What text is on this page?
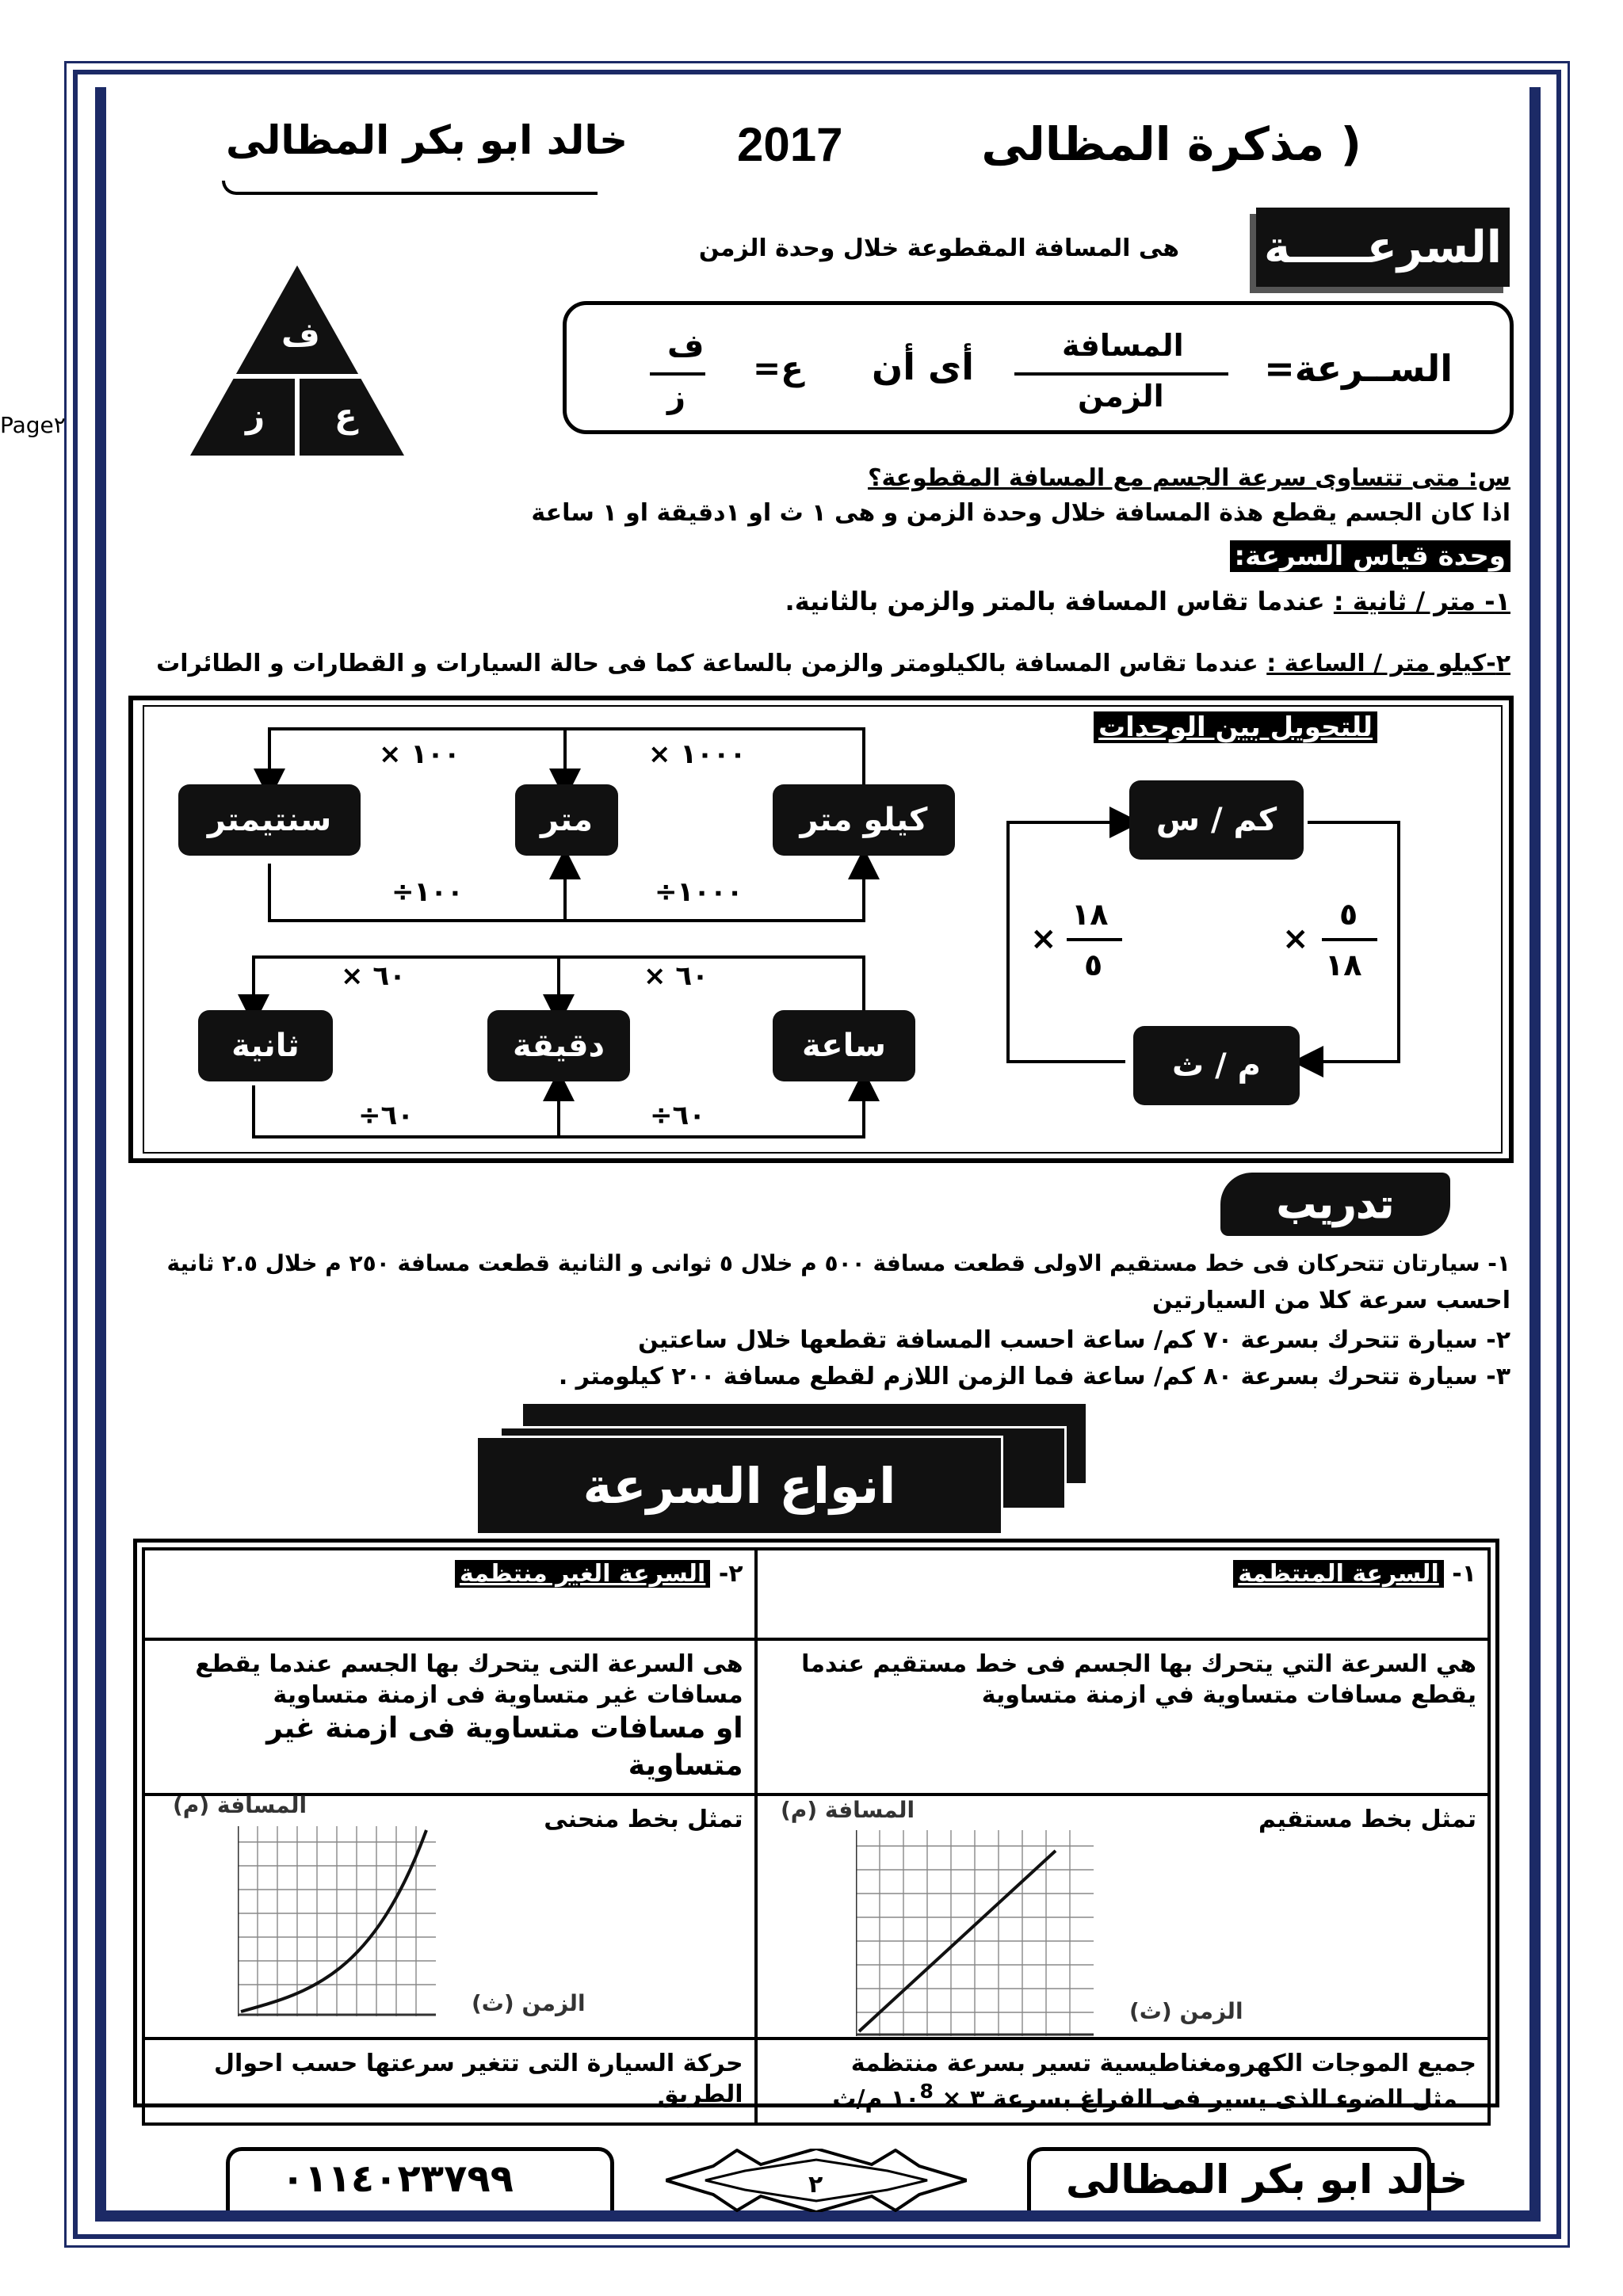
Page٢
( مذكرة المظالى
2017
خالد ابو بكر المظالى
السرعـــــة
هى المسافة المقطوعة خلال وحدة الزمن
ف
ع
ز
الســرعة=
المسافة
الزمن
أى أن
ع=
ف
ز
س: متى تتساوى سرعة الجسم مع المسافة المقطوعة؟
اذا كان الجسم يقطع هذة المسافة خلال وحدة الزمن و هى ١ ث او ١دقيقة او ١ ساعة
وحدة قياس السرعة:
١- متر / ثانية : عندما تقاس المسافة بالمتر والزمن بالثانية.
٢-كيلو متر / الساعة : عندما تقاس المسافة بالكيلومتر والزمن بالساعة كما فى حالة السيارات و القطارات و الطائرات
للتحويل بين الوحدات
كيلو متر
متر
سنتيمتر
× ١٠٠٠
× ١٠٠
÷١٠٠٠
÷١٠٠
ساعة
دقيقة
ثانية
× ٦٠
× ٦٠
÷٦٠
÷٦٠
كم / س
م / ث
×
٥
١٨
×
١٨
٥
تدريب
١- سيارتان تتحركان فى خط مستقيم الاولى قطعت مسافة ٥٠٠ م خلال ٥ ثوانى و الثانية قطعت مسافة ٢٥٠ م خلال ٢.٥ ثانية
احسب سرعة كلا من السيارتين
٢- سيارة تتحرك بسرعة ٧٠ كم/ ساعة احسب المسافة تقطعها خلال ساعتين
٣- سيارة تتحرك بسرعة ٨٠ كم/ ساعة فما الزمن اللازم لقطع مسافة ٢٠٠ كيلومتر .
انواع السرعة
١- السرعة المنتظمة	٢- السرعة الغير منتظمة
هي السرعة التي يتحرك بها الجسم فى خط مستقيم عندما يقطع مسافات متساوية في ازمنة متساوية	هى السرعة التى يتحرك بها الجسم عندما يقطع مسافات غير متساوية فى ازمنة متساوية
او مسافات متساوية فى ازمنة غير متساوية

تمثل بخط مستقيم	تمثل بخط منحنى

جميع الموجات الكهرومغناطيسية تسير بسرعة منتظمة
مثل الضوء الذى يسير فى الفراغ بسرعة ٣ × $١٠^8$ م/ث	حركة السيارة التى تتغير سرعتها حسب احوال الطريق
المسافة (م)
الزمن (ث)
المسافة (م)
الزمن (ث)
٠١١٤٠٢٣٧٩٩	٢	خالد ابو بكر المظالى
